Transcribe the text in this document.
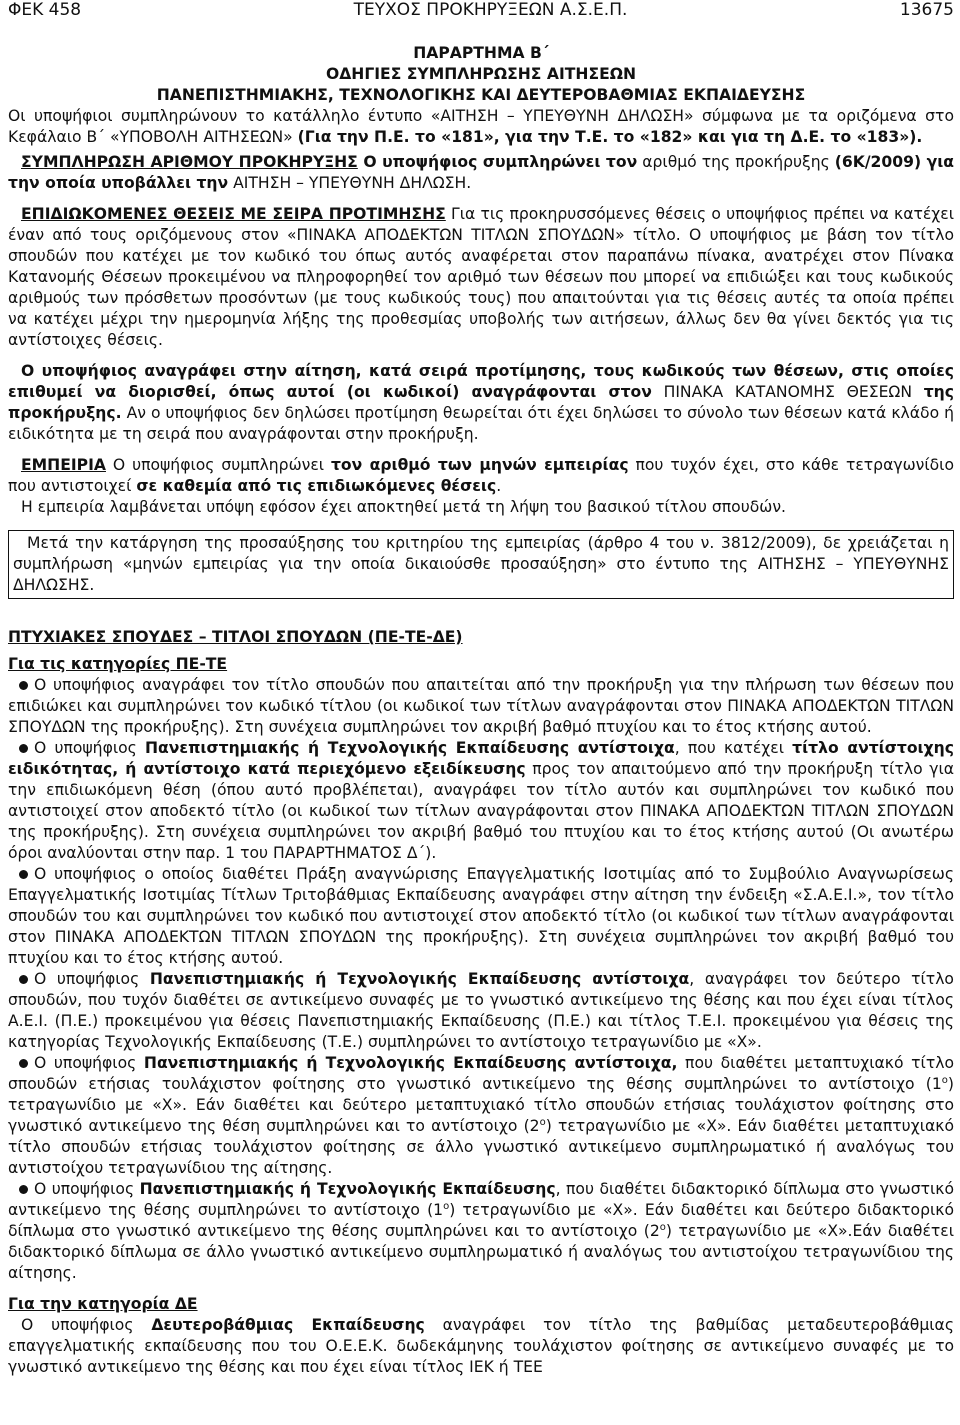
ΦΕΚ 458	ΤΕΥΧΟΣ ΠΡΟΚΗΡΥΞΕΩΝ Α.Σ.Ε.Π.	13675
ΠΑΡΑΡΤΗΜΑ Β΄
ΟΔΗΓΙΕΣ ΣΥΜΠΛΗΡΩΣΗΣ ΑΙΤΗΣΕΩΝ
ΠΑΝΕΠΙΣΤΗΜΙΑΚΗΣ, ΤΕΧΝΟΛΟΓΙΚΗΣ ΚΑΙ ΔΕΥΤΕΡΟΒΑΘΜΙΑΣ ΕΚΠΑΙΔΕΥΣΗΣ

Οι υποψήφιοι συμπληρώνουν το κατάλληλο έντυπο «ΑΙΤΗΣΗ – ΥΠΕΥΘΥΝΗ ΔΗΛΩΣΗ» σύμφωνα με τα οριζόμενα στο Κεφάλαιο Β΄ «ΥΠΟΒΟΛΗ ΑΙΤΗΣΕΩΝ» (Για την Π.Ε. το «181», για την Τ.Ε. το «182» και για τη Δ.Ε. το «183»).

ΣΥΜΠΛΗΡΩΣΗ ΑΡΙΘΜΟΥ ΠΡΟΚΗΡΥΞΗΣ Ο υποψήφιος συμπληρώνει τον αριθμό της προκήρυξης (6Κ/2009) για την οποία υποβάλλει την ΑΙΤΗΣΗ – ΥΠΕΥΘΥΝΗ ΔΗΛΩΣΗ.

ΕΠΙΔΙΩΚΟΜΕΝΕΣ ΘΕΣΕΙΣ ΜΕ ΣΕΙΡΑ ΠΡΟΤΙΜΗΣΗΣ Για τις προκηρυσσόμενες θέσεις ο υποψήφιος πρέπει να κατέχει έναν από τους οριζόμενους στον «ΠΙΝΑΚΑ ΑΠΟΔΕΚΤΩΝ ΤΙΤΛΩΝ ΣΠΟΥΔΩΝ» τίτλο. Ο υποψήφιος με βάση τον τίτλο σπουδών που κατέχει με τον κωδικό του όπως αυτός αναφέρεται στον παραπάνω πίνακα, ανατρέχει στον Πίνακα Κατανομής Θέσεων προκειμένου να πληροφορηθεί τον αριθμό των θέσεων που μπορεί να επιδιώξει και τους κωδικούς αριθμούς των πρόσθετων προσόντων (με τους κωδικούς τους) που απαιτούνται για τις θέσεις αυτές τα οποία πρέπει να κατέχει μέχρι την ημερομηνία λήξης της προθεσμίας υποβολής των αιτήσεων, άλλως δεν θα γίνει δεκτός για τις αντίστοιχες θέσεις.

Ο υποψήφιος αναγράφει στην αίτηση, κατά σειρά προτίμησης, τους κωδικούς των θέσεων, στις οποίες επιθυμεί να διορισθεί, όπως αυτοί (οι κωδικοί) αναγράφονται στον ΠΙΝΑΚΑ ΚΑΤΑΝΟΜΗΣ ΘΕΣΕΩΝ της προκήρυξης. Αν ο υποψήφιος δεν δηλώσει προτίμηση θεωρείται ότι έχει δηλώσει το σύνολο των θέσεων κατά κλάδο ή ειδικότητα με τη σειρά που αναγράφονται στην προκήρυξη.

ΕΜΠΕΙΡΙΑ Ο υποψήφιος συμπληρώνει τον αριθμό των μηνών εμπειρίας που τυχόν έχει, στο κάθε τετραγωνίδιο που αντιστοιχεί σε καθεμία από τις επιδιωκόμενες θέσεις.

Η εμπειρία λαμβάνεται υπόψη εφόσον έχει αποκτηθεί μετά τη λήψη του βασικού τίτλου σπουδών.

Μετά την κατάργηση της προσαύξησης του κριτηρίου της εμπειρίας (άρθρο 4 του ν. 3812/2009), δε χρειάζεται η συμπλήρωση «μηνών εμπειρίας για την οποία δικαιούσθε προσαύξηση» στο έντυπο της ΑΙΤΗΣΗΣ – ΥΠΕΥΘΥΝΗΣ ΔΗΛΩΣΗΣ.

ΠΤΥΧΙΑΚΕΣ ΣΠΟΥΔΕΣ – ΤΙΤΛΟΙ ΣΠΟΥΔΩΝ (ΠΕ-ΤΕ-ΔΕ)
Για τις κατηγορίες ΠΕ-ΤΕ

Ο υποψήφιος αναγράφει τον τίτλο σπουδών που απαιτείται από την προκήρυξη για την πλήρωση των θέσεων που επιδιώκει και συμπληρώνει τον κωδικό τίτλου (οι κωδικοί των τίτλων αναγράφονται στον ΠΙΝΑΚΑ ΑΠΟΔΕΚΤΩΝ ΤΙΤΛΩΝ ΣΠΟΥΔΩΝ της προκήρυξης). Στη συνέχεια συμπληρώνει τον ακριβή βαθμό πτυχίου και το έτος κτήσης αυτού.

Ο υποψήφιος Πανεπιστημιακής ή Τεχνολογικής Εκπαίδευσης αντίστοιχα, που κατέχει τίτλο αντίστοιχης ειδικότητας, ή αντίστοιχο κατά περιεχόμενο εξειδίκευσης προς τον απαιτούμενο από την προκήρυξη τίτλο για την επιδιωκόμενη θέση (όπου αυτό προβλέπεται), αναγράφει τον τίτλο αυτόν και συμπληρώνει τον κωδικό που αντιστοιχεί στον αποδεκτό τίτλο (οι κωδικοί των τίτλων αναγράφονται στον ΠΙΝΑΚΑ ΑΠΟΔΕΚΤΩΝ ΤΙΤΛΩΝ ΣΠΟΥΔΩΝ της προκήρυξης). Στη συνέχεια συμπληρώνει τον ακριβή βαθμό του πτυχίου και το έτος κτήσης αυτού (Οι ανωτέρω όροι αναλύονται στην παρ. 1 του ΠΑΡΑΡΤΗΜΑΤΟΣ Δ΄).

Ο υποψήφιος ο οποίος διαθέτει Πράξη αναγνώρισης Επαγγελματικής Ισοτιμίας από το Συμβούλιο Αναγνωρίσεως Επαγγελματικής Ισοτιμίας Τίτλων Τριτοβάθμιας Εκπαίδευσης αναγράφει στην αίτηση την ένδειξη «Σ.Α.Ε.Ι.», τον τίτλο σπουδών του και συμπληρώνει τον κωδικό που αντιστοιχεί στον αποδεκτό τίτλο (οι κωδικοί των τίτλων αναγράφονται στον ΠΙΝΑΚΑ ΑΠΟΔΕΚΤΩΝ ΤΙΤΛΩΝ ΣΠΟΥΔΩΝ της προκήρυξης). Στη συνέχεια συμπληρώνει τον ακριβή βαθμό του πτυχίου και το έτος κτήσης αυτού.

Ο υποψήφιος Πανεπιστημιακής ή Τεχνολογικής Εκπαίδευσης αντίστοιχα, αναγράφει τον δεύτερο τίτλο σπουδών, που τυχόν διαθέτει σε αντικείμενο συναφές με το γνωστικό αντικείμενο της θέσης και που έχει είναι τίτλος Α.Ε.Ι. (Π.Ε.) προκειμένου για θέσεις Πανεπιστημιακής Εκπαίδευσης (Π.Ε.) και τίτλος Τ.Ε.Ι. προκειμένου για θέσεις της κατηγορίας Τεχνολογικής Εκπαίδευσης (Τ.Ε.) συμπληρώνει το αντίστοιχο τετραγωνίδιο με «Χ».

Ο υποψήφιος Πανεπιστημιακής ή Τεχνολογικής Εκπαίδευσης αντίστοιχα, που διαθέτει μεταπτυχιακό τίτλο σπουδών ετήσιας τουλάχιστον φοίτησης στο γνωστικό αντικείμενο της θέσης συμπληρώνει το αντίστοιχο $(1^o)$ τετραγωνίδιο με «Χ». Εάν διαθέτει και δεύτερο μεταπτυχιακό τίτλο σπουδών ετήσιας τουλάχιστον φοίτησης στο γνωστικό αντικείμενο της θέση συμπληρώνει και το αντίστοιχο $(2^o)$ τετραγωνίδιο με «Χ». Εάν διαθέτει μεταπτυχιακό τίτλο σπουδών ετήσιας τουλάχιστον φοίτησης σε άλλο γνωστικό αντικείμενο συμπληρωματικό ή αναλόγως του αντιστοίχου τετραγωνίδιου της αίτησης.

Ο υποψήφιος Πανεπιστημιακής ή Τεχνολογικής Εκπαίδευσης, που διαθέτει διδακτορικό δίπλωμα στο γνωστικό αντικείμενο της θέσης συμπληρώνει το αντίστοιχο $(1^o)$ τετραγωνίδιο με «Χ». Εάν διαθέτει και δεύτερο διδακτορικό δίπλωμα στο γνωστικό αντικείμενο της θέσης συμπληρώνει και το αντίστοιχο $(2^o)$ τετραγωνίδιο με «Χ».Εάν διαθέτει διδακτορικό δίπλωμα σε άλλο γνωστικό αντικείμενο συμπληρωματικό ή αναλόγως του αντιστοίχου τετραγωνίδιου της αίτησης.

Για την κατηγορία ΔΕ

Ο υποψήφιος Δευτεροβάθμιας Εκπαίδευσης αναγράφει τον τίτλο της βαθμίδας μεταδευτεροβάθμιας επαγγελματικής εκπαίδευσης που του Ο.Ε.Ε.Κ. δωδεκάμηνης τουλάχιστον φοίτησης σε αντικείμενο συναφές με το γνωστικό αντικείμενο της θέσης και που έχει είναι τίτλος ΙΕΚ ή ΤΕΕ
